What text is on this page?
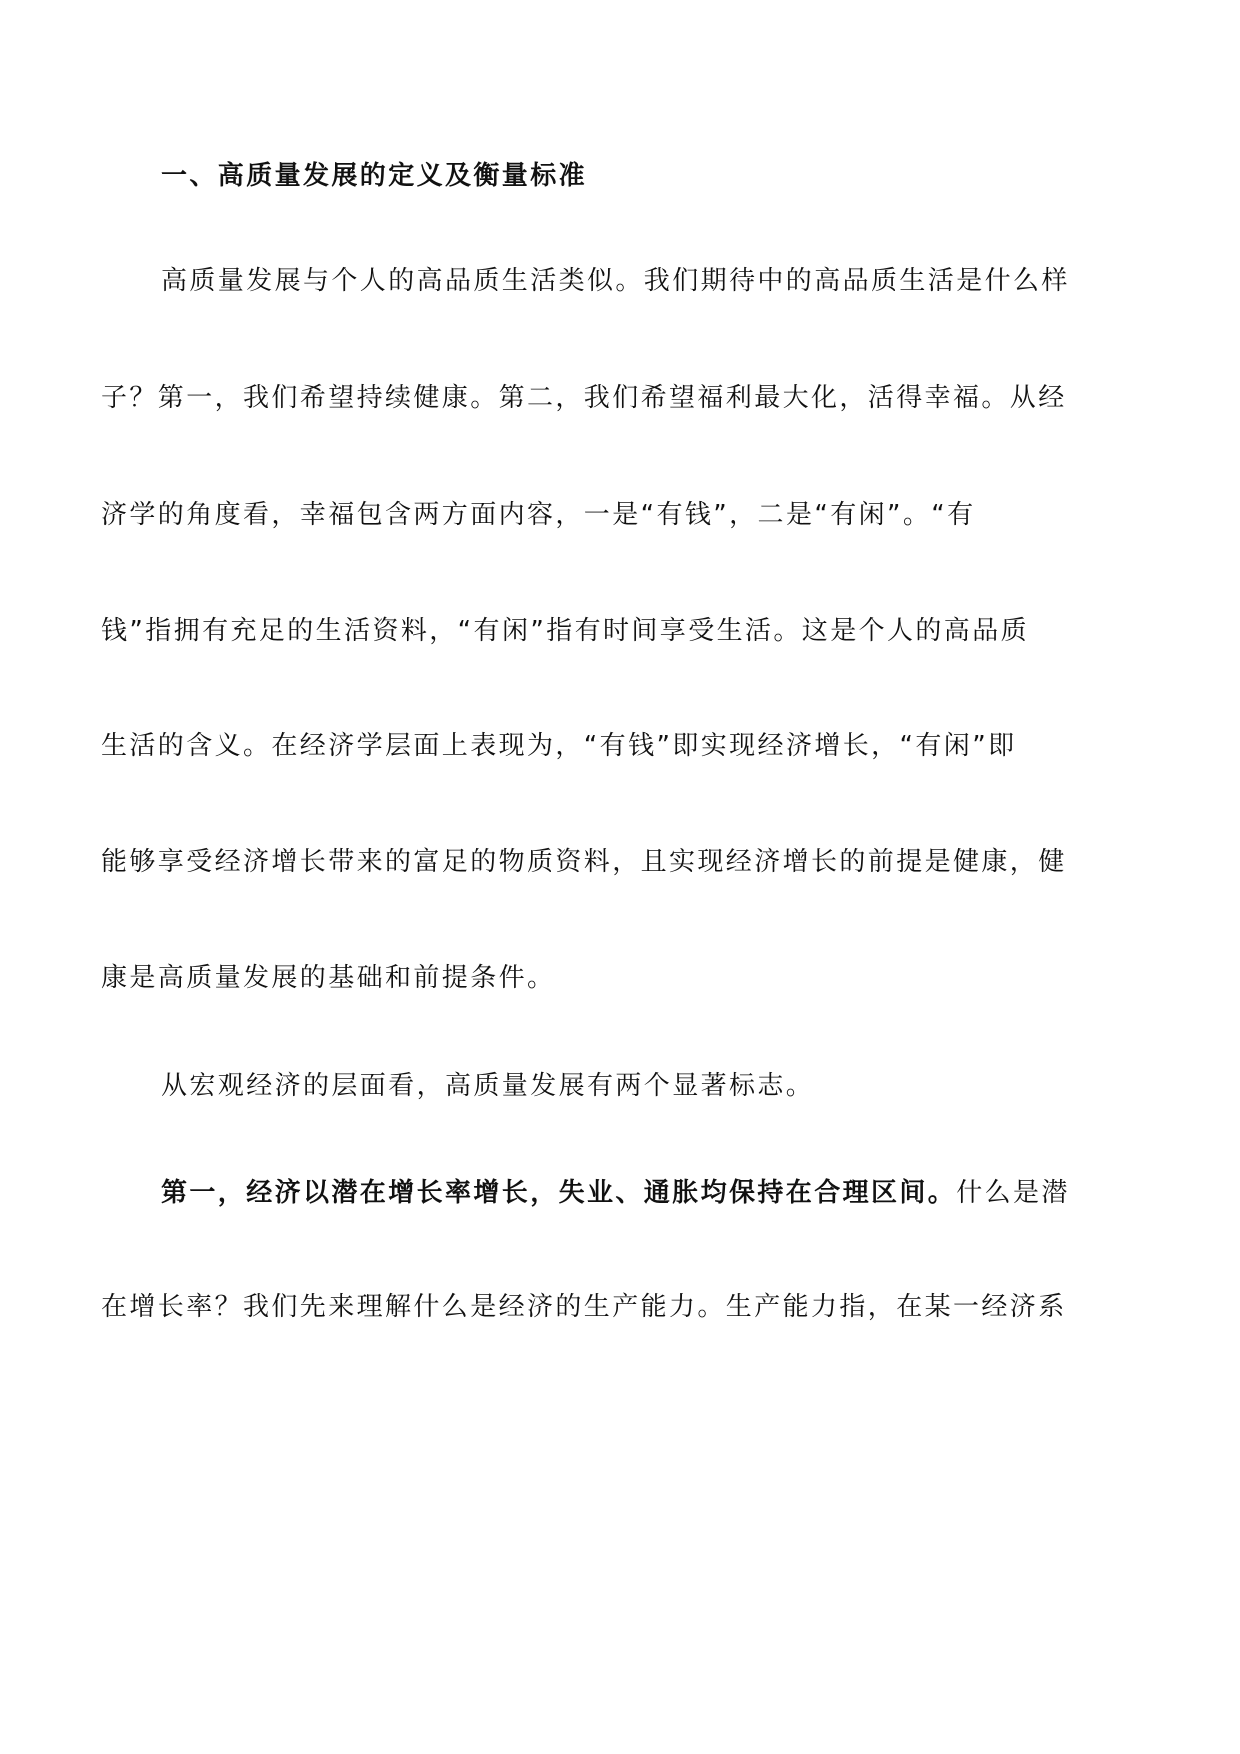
一、高质量发展的定义及衡量标准
高质量发展与个人的高品质生活类似。我们期待中的高品质生活是什么样
子？第一，我们希望持续健康。第二，我们希望福利最大化，活得幸福。从经
济学的角度看，幸福包含两方面内容，一是“有钱”，二是“有闲”。“有
钱”指拥有充足的生活资料，“有闲”指有时间享受生活。这是个人的高品质
生活的含义。在经济学层面上表现为，“有钱”即实现经济增长，“有闲”即
能够享受经济增长带来的富足的物质资料，且实现经济增长的前提是健康，健
康是高质量发展的基础和前提条件。
从宏观经济的层面看，高质量发展有两个显著标志。
第一，经济以潜在增长率增长，失业、通胀均保持在合理区间。什么是潜
在增长率？我们先来理解什么是经济的生产能力。生产能力指，在某一经济系
